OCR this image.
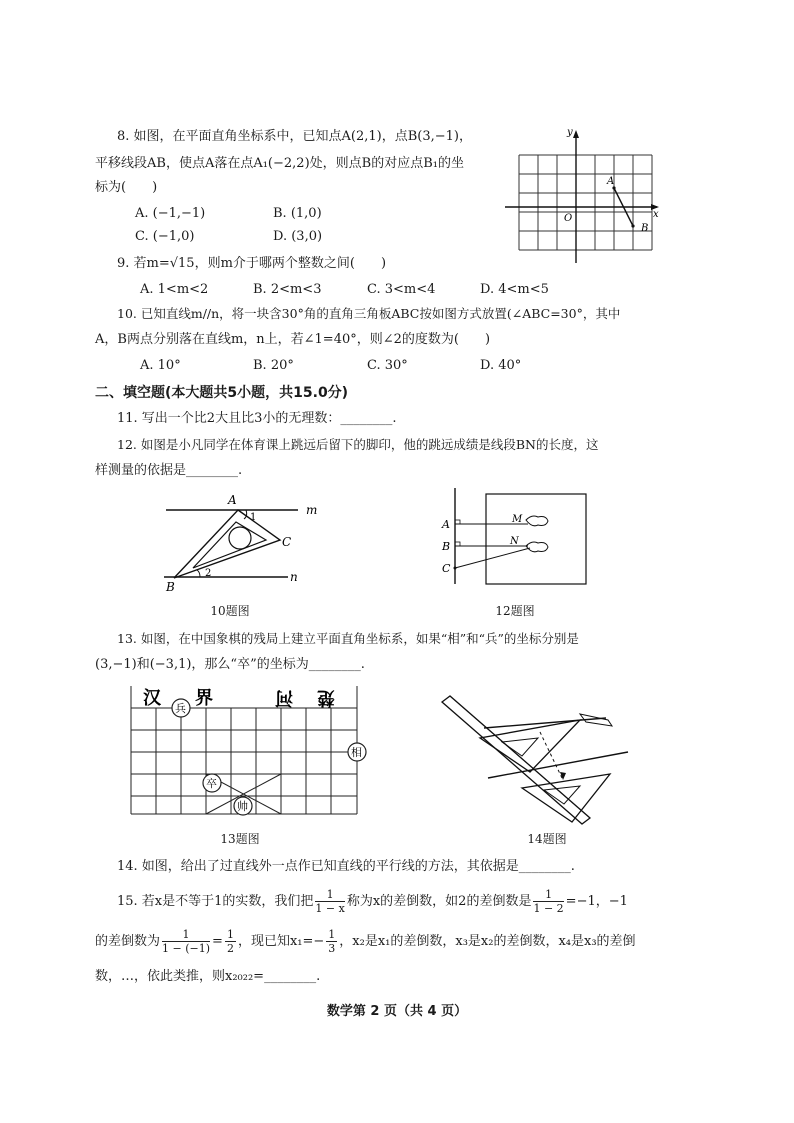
8. 如图，在平面直角坐标系中，已知点A(2,1)，点B(3,−1)，
平移线段AB，使点A落在点A₁(−2,2)处，则点B的对应点B₁的坐
标为(　　)
A. (−1,−1)	B. (1,0)
C. (−1,0)	D. (3,0)
y
x
O
A
B
9. 若m=√15，则m介于哪两个整数之间(　　)
A. 1<m<2	B. 2<m<3	C. 3<m<4	D. 4<m<5
10. 已知直线m//n，将一块含30°角的直角三角板ABC按如图方式放置(∠ABC=30°，其中
A，B两点分别落在直线m，n上，若∠1=40°，则∠2的度数为(　　)
A. 10°	B. 20°	C. 30°	D. 40°
二、填空题(本大题共5小题，共15.0分)
11. 写出一个比2大且比3小的无理数：________.
12. 如图是小凡同学在体育课上跳远后留下的脚印，他的跳远成绩是线段BN的长度，这
样测量的依据是________.
A
m
C
B
n
1
2
10题图
A
B
C
M
N
12题图
13. 如图，在中国象棋的残局上建立平面直角坐标系，如果“相”和“兵”的坐标分别是
(3,−1)和(−3,1)，那么“卒”的坐标为________.
汉 界	河 楚
兵
相
卒
帅
13题图	14题图
14. 如图，给出了过直线外一点作已知直线的平行线的方法，其依据是________.
15. 若x是不等于1的实数，我们把 $\frac{1}{1 - x}$ 称为x的差倒数，如2的差倒数是 $\frac{1}{1 - 2} =-1$，−1
的差倒数为 $\frac{1}{1 - (-1)} = \frac{1}{2}$ ，现已知$x_1=- \frac{1}{3}$ ，x₂是x₁的差倒数，x₃是x₂的差倒数，x₄是x₃的差倒
数，…，依此类推，则x₂₀₂₂=________.
数学第 2 页（共 4 页）
